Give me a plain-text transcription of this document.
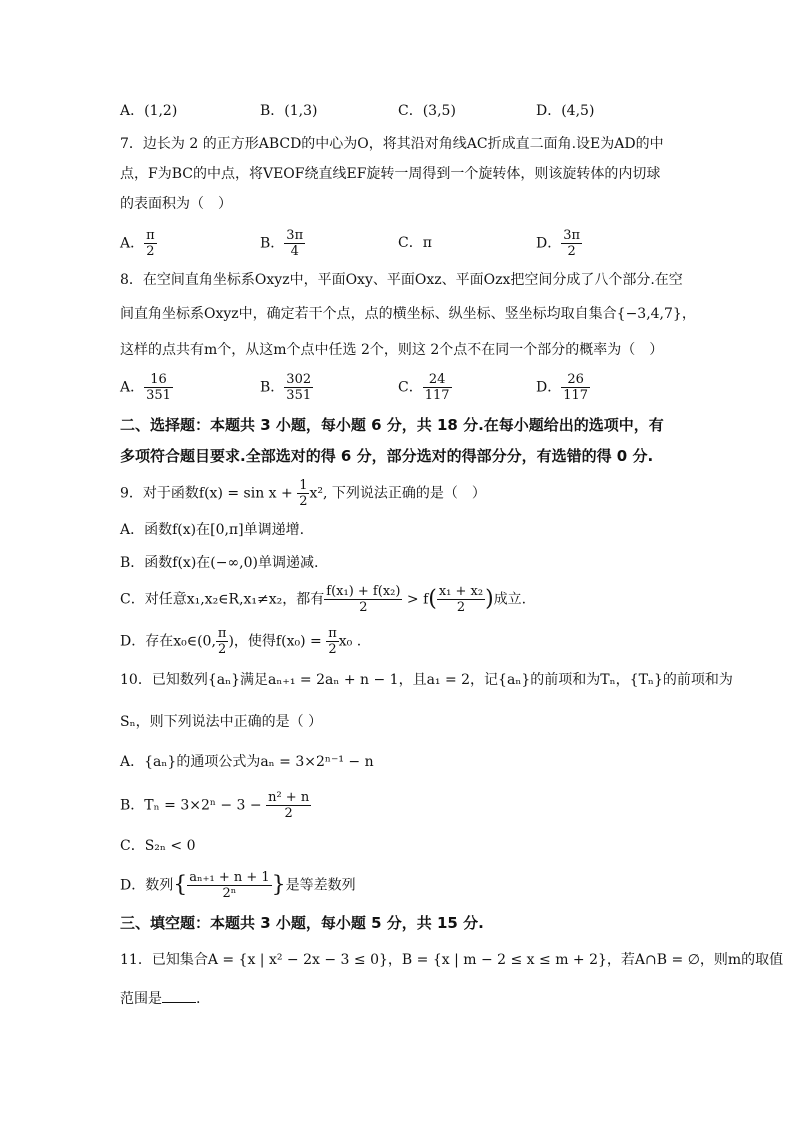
A．(1,2)	B．(1,3)	C．(3,5)	D．(4,5)
7．边长为 2 的正方形ABCD的中心为O，将其沿对角线AC折成直二面角.设E为AD的中
点，F为BC的中点，将VEOF绕直线EF旋转一周得到一个旋转体，则该旋转体的内切球
的表面积为（　）
A． $\frac{\pi}{2}$	B． $\frac{3\pi}{4}$	C．π	D． $\frac{3\pi}{2}$
8．在空间直角坐标系Oxyz中，平面Oxy、平面Oxz、平面Ozx把空间分成了八个部分.在空
间直角坐标系Oxyz中，确定若干个点，点的横坐标、纵坐标、竖坐标均取自集合{−3,4,7}，
这样的点共有m个，从这m个点中任选 2个，则这 2个点不在同一个部分的概率为（　）
A． $\frac{16}{351}$	B． $\frac{302}{351}$	C． $\frac{24}{117}$	D． $\frac{26}{117}$
二、选择题：本题共 3 小题，每小题 6 分，共 18 分.在每小题给出的选项中，有
多项符合题目要求.全部选对的得 6 分，部分选对的得部分分，有选错的得 0 分.
9．对于函数$f(x) = \sin x + \frac{1}{2} x^2$, 下列说法正确的是（　）
A．函数f(x)在[0,π]单调递增.
B．函数f(x)在(−∞,0)单调递减.
C．对任意x₁,x₂∈R,x₁≠x₂，都有 $\frac{\text{f(x₁) + f(x₂)}}{2} > f( \frac{\text{x₁ + x₂}}{2}$ )成立.
D．存在x₀∈(0, $\frac{\pi}{2}$ )，使得$f(x_0) = \frac{\pi}{2} x_0$ .
10．已知数列{aₙ}满足aₙ₊₁ = 2aₙ + n − 1，且a₁ = 2，记{aₙ}的前项和为Tₙ，{Tₙ}的前项和为
Sₙ，则下列说法中正确的是（ ）
A．{aₙ}的通项公式为aₙ = 3×2ⁿ⁻¹ − n
B．$T_n = 3\times 2^n - 3 - \frac{\text{n² + n}}{2}$
C．S₂ₙ < 0
D．数列{ $\frac{\text{aₙ₊₁ + n + 1}}{\text{2ⁿ}}$ }是等差数列
三、填空题：本题共 3 小题，每小题 5 分，共 15 分.
11．已知集合A = {x | x² − 2x − 3 ≤ 0}，B = {x | m − 2 ≤ x ≤ m + 2}，若A∩B = ∅，则m的取值
范围是 .
